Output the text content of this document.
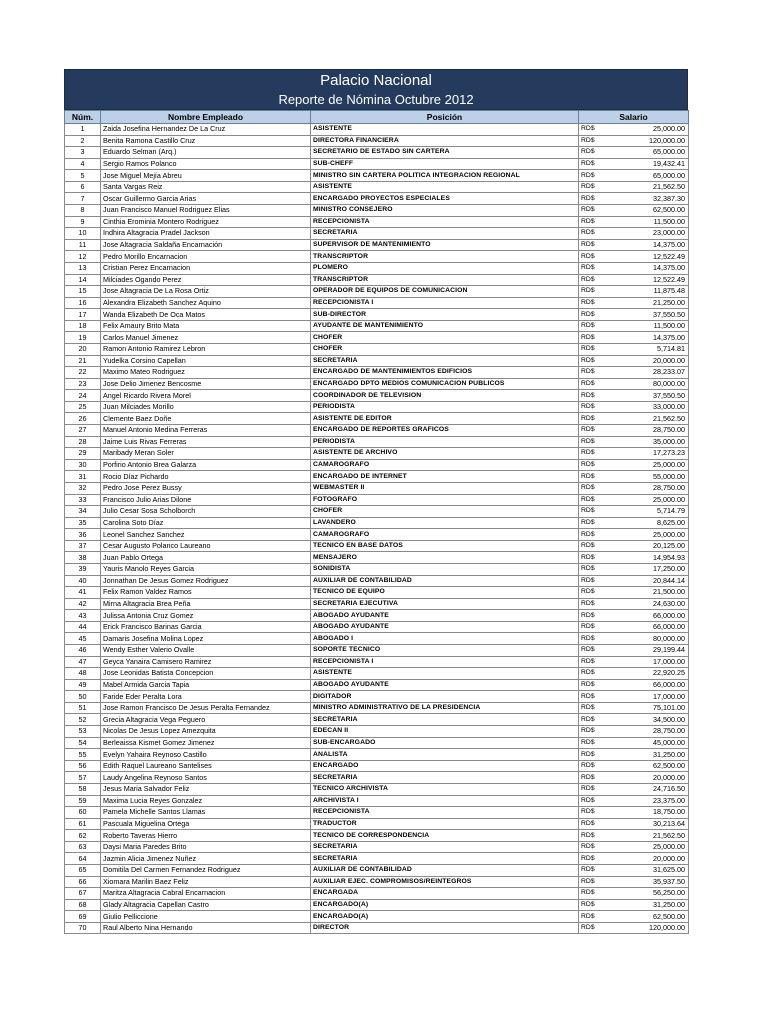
Palacio Nacional
Reporte de Nómina Octubre 2012
Núm.	Nombre Empleado	Posición	Salario	
1	Zaida Josefina Hernandez De La Cruz	ASISTENTE	RD$	25,000.00
2	Benita Ramona Castillo Cruz	DIRECTORA FINANCIERA	RD$	120,000.00
3	Eduardo Selman (Arq.)	SECRETARIO DE ESTADO SIN CARTERA	RD$	65,000.00
4	Sergio Ramos Polanco	SUB-CHEFF	RD$	19,432.41
5	Jose Miguel Mejía Abreu	MINISTRO SIN CARTERA POLITICA INTEGRACION REGIONAL	RD$	65,000.00
6	Santa Vargas Reiz	ASISTENTE	RD$	21,562.50
7	Oscar Guillermo Garcia Arias	ENCARGADO PROYECTOS ESPECIALES	RD$	32,387.30
8	Juan Francisco Manuel Rodriguez Elias	MINISTRO CONSEJERO	RD$	62,500.00
9	Cinthia Erominia Montero Rodriguez	RECEPCIONISTA	RD$	11,500.00
10	Indhira Altagracia Pradel Jackson	SECRETARIA	RD$	23,000.00
11	Jose Altagracia Saldaña Encarnación	SUPERVISOR DE MANTENIMIENTO	RD$	14,375.00
12	Pedro Morillo Encarnacion	TRANSCRIPTOR	RD$	12,522.49
13	Cristian Perez Encarnacion	PLOMERO	RD$	14,375.00
14	Milciades Ogando Perez	TRANSCRIPTOR	RD$	12,522.49
15	Jose Altagracia De La Rosa Ortiz	OPERADOR DE EQUIPOS DE COMUNICACION	RD$	11,875.48
16	Alexandra Elizabeth Sanchez Aquino	RECEPCIONISTA I	RD$	21,250.00
17	Wanda Elizabeth De Oca Matos	SUB-DIRECTOR	RD$	37,550.50
18	Felix Amaury Brito Mata	AYUDANTE DE MANTENIMIENTO	RD$	11,500.00
19	Carlos Manuel Jimenez	CHOFER	RD$	14,375.00
20	Ramon Antonio Ramirez Lebron	CHOFER	RD$	5,714.81
21	Yudelka Corsino Capellan	SECRETARIA	RD$	20,000.00
22	Maximo Mateo Rodriguez	ENCARGADO DE MANTENIMIENTOS EDIFICIOS	RD$	28,233.07
23	Jose Delio Jimenez Bencosme	ENCARGADO DPTO MEDIOS COMUNICACION PUBLICOS	RD$	80,000.00
24	Angel Ricardo Rivera Morel	COORDINADOR DE TELEVISION	RD$	37,550.50
25	Juan Milciades Morillo	PERIODISTA	RD$	33,000.00
26	Clemente Baez Doñe	ASISTENTE DE EDITOR	RD$	21,562.50
27	Manuel Antonio Medina Ferreras	ENCARGADO DE REPORTES GRAFICOS	RD$	28,750.00
28	Jaime Luis Rivas Ferreras	PERIODISTA	RD$	35,000.00
29	Maribady Meran Soler	ASISTENTE DE ARCHIVO	RD$	17,273.23
30	Porfirio Antonio Brea Galarza	CAMAROGRAFO	RD$	25,000.00
31	Rocio Díaz Pichardo	ENCARGADO DE INTERNET	RD$	55,000.00
32	Pedro Jose Perez Bussy	WEBMASTER II	RD$	28,750.00
33	Francisco Julio Arias Dilone	FOTOGRAFO	RD$	25,000.00
34	Julio Cesar Sosa Scholborch	CHOFER	RD$	5,714.79
35	Carolina Soto Díaz	LAVANDERO	RD$	8,625.00
36	Leonel Sanchez Sanchez	CAMAROGRAFO	RD$	25,000.00
37	Cesar Augusto Polanco Laureano	TECNICO EN BASE DATOS	RD$	20,125.00
38	Juan Pablo Ortega	MENSAJERO	RD$	14,954.93
39	Yauris Manolo Reyes Garcia	SONIDISTA	RD$	17,250.00
40	Jonnathan De Jesus Gomez Rodriguez	AUXILIAR DE CONTABILIDAD	RD$	20,844.14
41	Felix Ramon Valdez Ramos	TECNICO DE EQUIPO	RD$	21,500.00
42	Mirna Altagracia Brea Peña	SECRETARIA EJECUTIVA	RD$	24,630.00
43	Julissa Antonia Cruz Gomez	ABOGADO AYUDANTE	RD$	66,000.00
44	Erick Francisco Barinas Garcia	ABOGADO AYUDANTE	RD$	66,000.00
45	Damaris Josefina Molina Lopez	ABOGADO I	RD$	80,000.00
46	Wendy Esther Valerio Ovalle	SOPORTE TECNICO	RD$	29,199.44
47	Geyca Yanaira Camisero Ramirez	RECEPCIONISTA I	RD$	17,000.00
48	Jose Leonidas Batista Concepcion	ASISTENTE	RD$	22,920.25
49	Mabel Armida Garcia Tapia	ABOGADO AYUDANTE	RD$	66,000.00
50	Faride Eder Peralta Lora	DIGITADOR	RD$	17,000.00
51	Jose Ramon Francisco De Jesus Peralta Fernandez	MINISTRO ADMINISTRATIVO DE LA PRESIDENCIA	RD$	75,101.00
52	Grecia Altagracia Vega Peguero	SECRETARIA	RD$	34,500.00
53	Nicolas De Jesus Lopez Amezquita	EDECAN II	RD$	28,750.00
54	Berleaissa Kismet Gomez Jimenez	SUB-ENCARGADO	RD$	45,000.00
55	Evelyn Yahaira Reynoso Castillo	ANALISTA	RD$	31,250.00
56	Edith Raquel Laureano Santelises	ENCARGADO	RD$	62,500.00
57	Laudy Angelina Reynoso Santos	SECRETARIA	RD$	20,000.00
58	Jesus Maria Salvador Feliz	TECNICO ARCHIVISTA	RD$	24,716.50
59	Maxima Lucia Reyes Gonzalez	ARCHIVISTA I	RD$	23,375.00
60	Pamela Michelle Santos Llamas	RECEPCIONISTA	RD$	18,750.00
61	Pascuala Miguelina Ortega	TRADUCTOR	RD$	30,213.64
62	Roberto Taveras Hierro	TECNICO DE CORRESPONDENCIA	RD$	21,562.50
63	Daysi Maria Paredes Brito	SECRETARIA	RD$	25,000.00
64	Jazmin Alicia Jimenez Nuñez	SECRETARIA	RD$	20,000.00
65	Domitila Del Carmen Fernandez Rodriguez	AUXILIAR DE CONTABILIDAD	RD$	31,625.00
66	Xiomara Marilin Baez Feliz	AUXILIAR EJEC. COMPROMISOS/REINTEGROS	RD$	35,937.50
67	Maritza Altagracia Cabral Encarnacion	ENCARGADA	RD$	56,250.00
68	Glady Altagracia Capellan Castro	ENCARGADO(A)	RD$	31,250.00
69	Giulio Pelliccione	ENCARGADO(A)	RD$	62,500.00
70	Raul Alberto Nina Hernando	DIRECTOR	RD$	120,000.00
